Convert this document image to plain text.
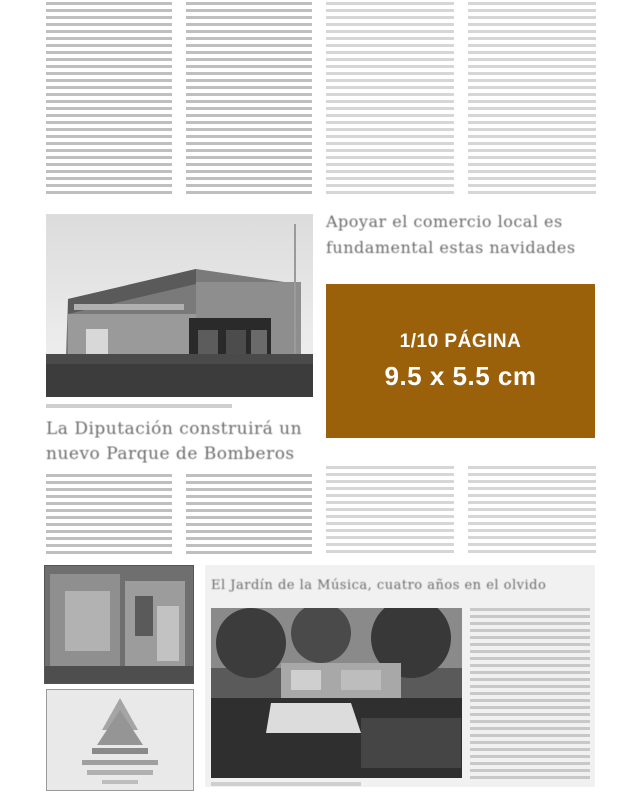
Apoyar el comercio local es

fundamental estas navidades

1/10 PÁGINA
9.5 x 5.5 cm

La Diputación construirá un

nuevo Parque de Bomberos

El Jardín de la Música, cuatro años en el olvido
